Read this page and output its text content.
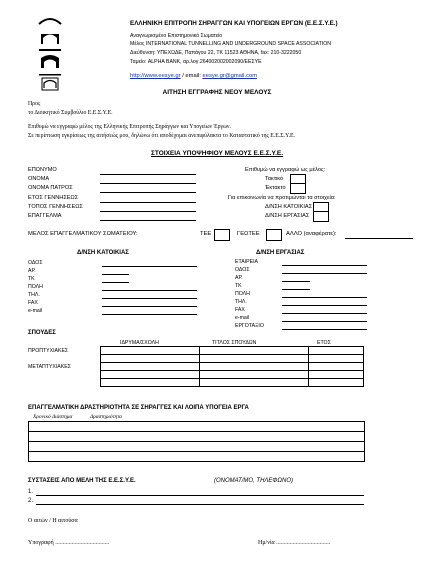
ΕΛΛΗΝΙΚΗ ΕΠΙΤΡΟΠΗ ΣΗΡΑΓΓΩΝ ΚΑΙ ΥΠΟΓΕΙΩΝ ΕΡΓΩΝ (Ε.Ε.Σ.Υ.Ε.)
Αναγνωρισμένο Επιστημονικό Σωματείο
Μέλος INTERNATIONAL TUNNELLING AND UNDERGROUND SPACE ASSOCIATION
Διεύθυνση: ΥΠΕΧΩΔΕ, Παπάγου 22, ΤΚ 11523 ΑΘΗΝΑ, fax: 210-3222050
Ταμείο: ALPHA BANK, αρ.λογ.264002002002090/ΕΕΣΥΕ
http://www.eesye.gr / email: eesye.gr@gmail.com
ΑΙΤΗΣΗ ΕΓΓΡΑΦΗΣ ΝΕΟΥ ΜΕΛΟΥΣ
Προς
το Διοικητικό Συμβούλιο Ε.Ε.Σ.Υ.Ε.
Επιθυμώ να εγγραφώ μέλος της Ελληνικής Επιτροπής Σηράγγων και Υπογείων Έργων.
Σε περίπτωση εγκρίσεως της αιτήσεώς μου, δηλώνω ότι αποδέχομαι ανεπιφύλακτα το Καταστατικό της Ε.Ε.Σ.Υ.Ε.
ΣΤΟΙΧΕΙΑ ΥΠΟΨΗΦΙΟΥ ΜΕΛΟΥΣ Ε.Ε.Σ.Υ.Ε.
ΕΠΩΝΥΜΟ
ΟΝΟΜΑ
ΟΝΟΜΑ ΠΑΤΡΟΣ
ΕΤΟΣ ΓΕΝΝΗΣΕΩΣ
ΤΟΠΟΣ ΓΕΝΝΗΣΕΩΣ
ΕΠΑΓΓΕΛΜΑ
Επιθυμώ να εγγραφώ ως μέλος:
Τακτικό
Έκτακτο
Για επικοινωνία να προτιμώνται τα στοιχεία:
Δ/ΝΣΗ ΚΑΤΟΙΚΙΑΣ
Δ/ΝΣΗ ΕΡΓΑΣΙΑΣ
ΜΕΛΟΣ ΕΠΑΓΓΕΛΜΑΤΙΚΟΥ ΣΩΜΑΤΕΙΟΥ:	ΤΕΕ	ΓΕΩΤΕΕ	ΑΛΛΟ (αναφέρατε):
Δ/ΝΣΗ ΚΑΤΟΙΚΙΑΣ
ΟΔΟΣ
ΑΡ.
ΤΚ
ΠΟΛΗ
ΤΗΛ.
FAX
e-mail
Δ/ΝΣΗ ΕΡΓΑΣΙΑΣ
ΕΤΑΙΡΕΙΑ
ΟΔΟΣ
ΑΡ.
ΤΚ
ΠΟΛΗ
ΤΗΛ.
FAX
e-mail
ΕΡΓΟΤΑΞΙΟ
ΣΠΟΥΔΕΣ
ΙΔΡΥΜΑ/ΣΧΟΛΗ	ΤΙΤΛΟΣ ΣΠΟΥΔΩΝ	ΕΤΟΣ
ΠΡΟΠΤΥΧΙΑΚΕΣ
ΜΕΤΑΠΤΥΧΙΑΚΕΣ

ΕΠΑΓΓΕΛΜΑΤΙΚΗ ΔΡΑΣΤΗΡΙΟΤΗΤΑ ΣΕ ΣΗΡΑΓΓΕΣ ΚΑΙ ΛΟΙΠΑ ΥΠΟΓΕΙΑ ΕΡΓΑ
Χρονικό Διάστημα	Δραστηριότητα

ΣΥΣΤΑΣΕΙΣ ΑΠΟ ΜΕΛΗ ΤΗΣ Ε.Ε.Σ.Υ.Ε.	(ΟΝΟΜΑΤ/ΜΟ, ΤΗΛΕΦΩΝΟ)
1.
2.
Ο αιτών / Η αιτούσα
Υπογραφή ....................................	Ημ/νία ....................................
